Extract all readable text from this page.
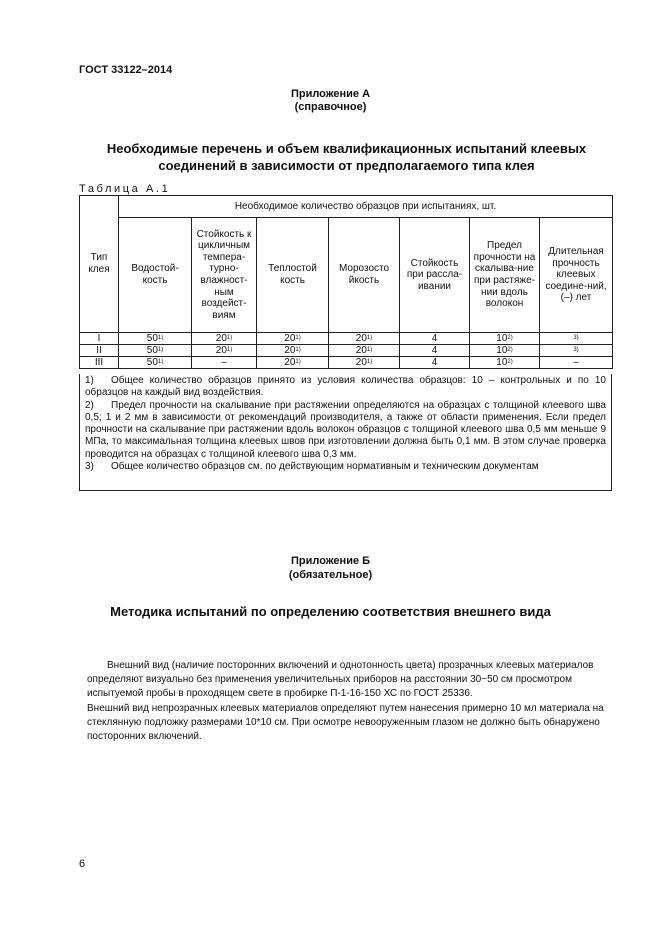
ГОСТ 33122–2014
Приложение А
(справочное)
Необходимые перечень и объем квалификационных испытаний клеевых
соединений в зависимости от предполагаемого типа клея
Таблица А.1
Тип клея	Необходимое количество образцов при испытаниях, шт.						
	Водостой-кость	Стойкость к цикличным темпера-турно-влажност-ным воздейст-виям	Теплостой кость	Морозосто йкость	Стойкость при рассла-ивании	Предел прочности на скалыва-ние при растяже-нии вдоль волокон	Длительная прочность клеевых соедине-ний, (–) лет
I	50$^{1)}$	20$^{1)}$	20$^{1)}$	20$^{1)}$	4	10$^{2)}$	$^{3)}$
II	50$^{1)}$	20$^{1)}$	20$^{1)}$	20$^{1)}$	4	10$^{2)}$	$^{3)}$
III	50$^{1)}$	–	20$^{1)}$	20$^{1)}$	4	10$^{2)}$	–

1) Общее количество образцов принято из условия количества образцов: 10 – контрольных и по 10 образцов на каждый вид воздействия.

2) Предел прочности на скалывание при растяжении определяются на образцах с толщиной клеевого шва 0,5; 1 и 2 мм в зависимости от рекомендаций производителя, а также от области применения. Если предел прочности на скалывание при растяжении вдоль волокон образцов с толщиной клеевого шва 0,5 мм меньше 9 МПа, то максимальная толщина клеевых швов при изготовлении должна быть 0,1 мм. В этом случае проверка проводится на образцах с толщиной клеевого шва 0,3 мм.

3) Общее количество образцов см. по действующим нормативным и техническим документам

Приложение Б
(обязательное)
Методика испытаний по определению соответствия внешнего вида

Внешний вид (наличие посторонних включений и однотонность цвета) прозрачных клеевых материалов определяют визуально без применения увеличительных приборов на расстоянии 30−50 см просмотром испытуемой пробы в проходящем свете в пробирке П-1-16-150 ХС по ГОСТ 25336.

Внешний вид непрозрачных клеевых материалов определяют путем нанесения примерно 10 мл материала на стеклянную подложку размерами 10*10 см. При осмотре невооруженным глазом не должно быть обнаружено посторонних включений.

6
